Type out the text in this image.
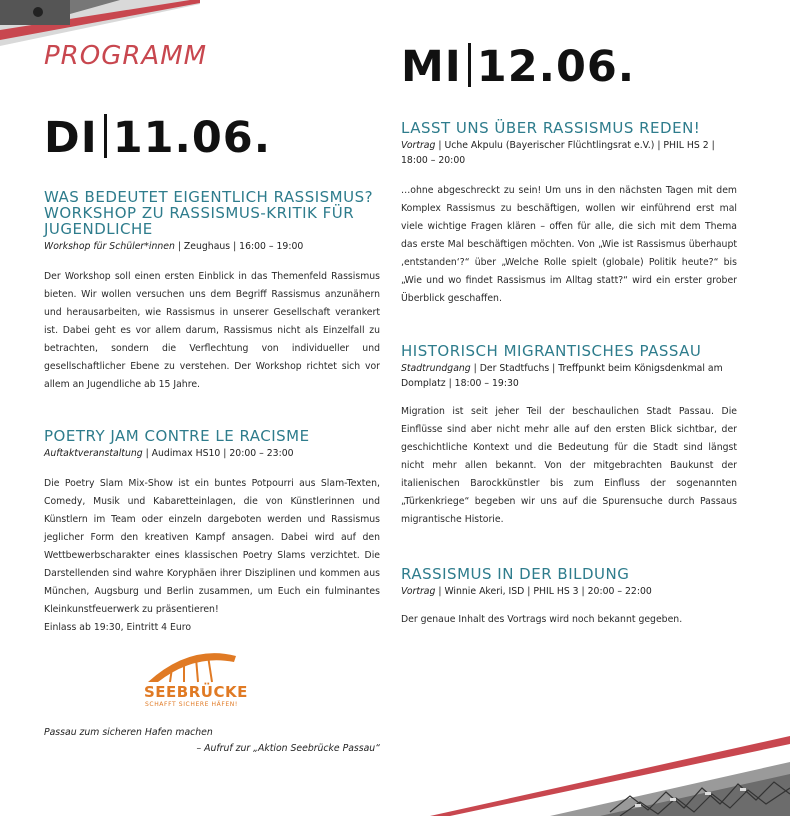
PROGRAMM
DI 11.06.
WAS BEDEUTET EIGENTLICH RASSISMUS? WORKSHOP ZU RASSISMUS-KRITIK FÜR JUGENDLICHE

Workshop für Schüler*innen | Zeughaus | 16:00 – 19:00

Der Workshop soll einen ersten Einblick in das Themenfeld Rassismus bieten. Wir wollen versuchen uns dem Begriff Rassismus anzunähern und herausarbeiten, wie Rassismus in unserer Gesellschaft verankert ist. Dabei geht es vor allem darum, Rassismus nicht als Einzelfall zu betrachten, sondern die Verflechtung von individueller und gesellschaftlicher Ebene zu verstehen. Der Workshop richtet sich vor allem an Jugendliche ab 15 Jahre.

POETRY JAM CONTRE LE RACISME

Auftaktveranstaltung | Audimax HS10 | 20:00 – 23:00

Die Poetry Slam Mix-Show ist ein buntes Potpourri aus Slam-Texten, Comedy, Musik und Kabaretteinlagen, die von Künstlerinnen und Künstlern im Team oder einzeln dargeboten werden und Rassismus jeglicher Form den kreativen Kampf ansagen. Dabei wird auf den Wettbewerbscharakter eines klassischen Poetry Slams verzichtet. Die Darstellenden sind wahre Koryphäen ihrer Disziplinen und kommen aus München, Augsburg und Berlin zusammen, um Euch ein fulminantes Kleinkunstfeuerwerk zu präsentieren!

Einlass ab 19:30, Eintritt 4 Euro
SEEBRÜCKE
SCHAFFT SICHERE HÄFEN!
Passau zum sicheren Hafen machen
– Aufruf zur „Aktion Seebrücke Passau“
MI 12.06.
LASST UNS ÜBER RASSISMUS REDEN!

Vortrag | Uche Akpulu (Bayerischer Flüchtlingsrat e.V.) | PHIL HS 2 | 18:00 – 20:00

…ohne abgeschreckt zu sein! Um uns in den nächsten Tagen mit dem Komplex Rassismus zu beschäftigen, wollen wir einführend erst mal viele wichtige Fragen klären – offen für alle, die sich mit dem Thema das erste Mal beschäftigen möchten. Von „Wie ist Rassismus überhaupt ‚entstanden‘?“ über „Welche Rolle spielt (globale) Politik heute?“ bis „Wie und wo findet Rassismus im Alltag statt?“ wird ein erster grober Überblick geschaffen.

HISTORISCH MIGRANTISCHES PASSAU

Stadtrundgang | Der Stadtfuchs | Treffpunkt beim Königsdenkmal am Domplatz | 18:00 – 19:30

Migration ist seit jeher Teil der beschaulichen Stadt Passau. Die Einflüsse sind aber nicht mehr alle auf den ersten Blick sichtbar, der geschichtliche Kontext und die Bedeutung für die Stadt sind längst nicht mehr allen bekannt. Von der mitgebrachten Baukunst der italienischen Barockkünstler bis zum Einfluss der sogenannten „Türkenkriege“ begeben wir uns auf die Spurensuche durch Passaus migrantische Historie.

RASSISMUS IN DER BILDUNG

Vortrag | Winnie Akeri, ISD | PHIL HS 3 | 20:00 – 22:00

Der genaue Inhalt des Vortrags wird noch bekannt gegeben.
